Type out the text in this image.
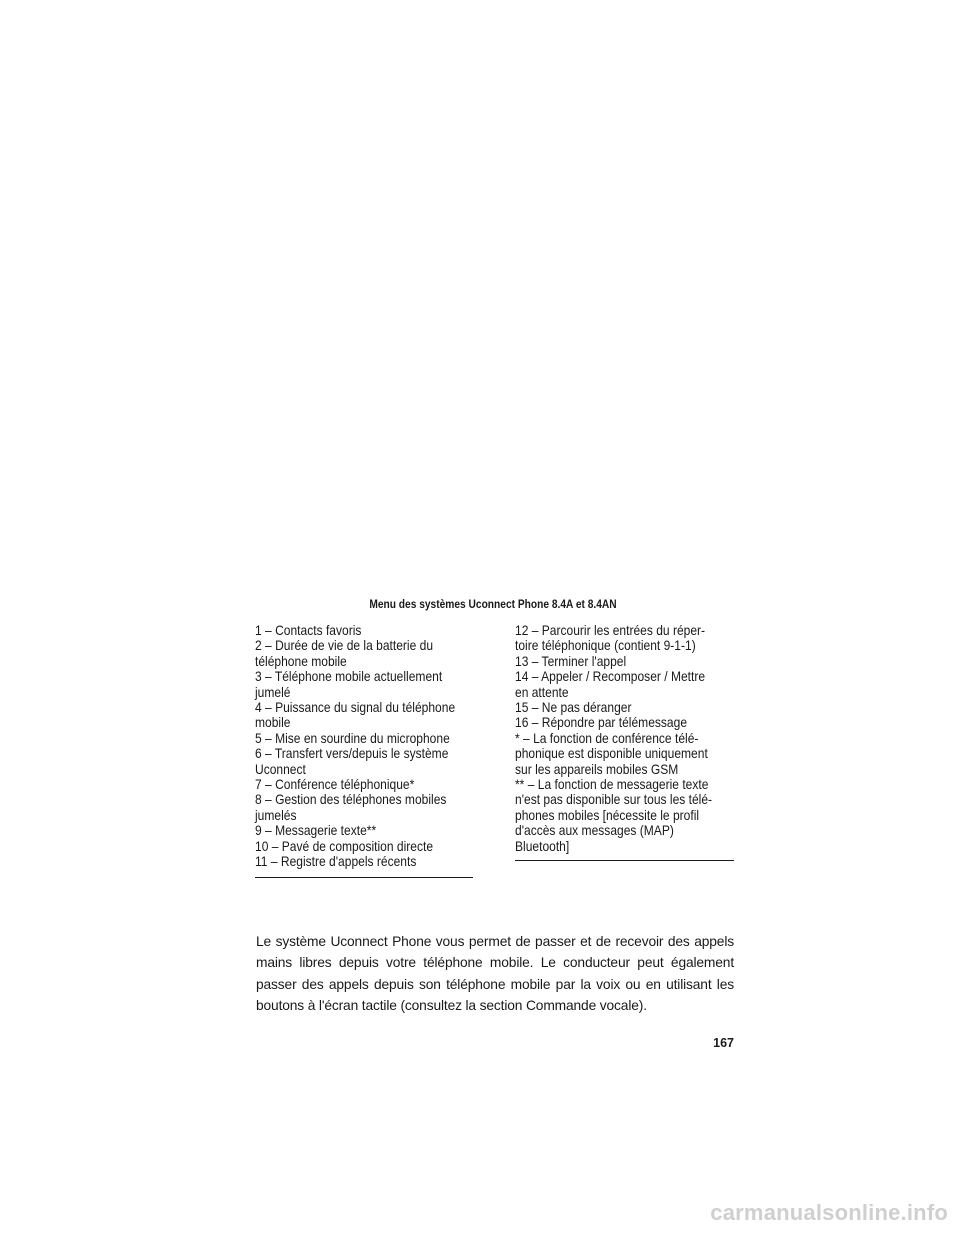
Menu des systèmes Uconnect Phone 8.4A et 8.4AN
1 – Contacts favoris
2 – Durée de vie de la batterie du
téléphone mobile
3 – Téléphone mobile actuellement
jumelé
4 – Puissance du signal du téléphone
mobile
5 – Mise en sourdine du microphone
6 – Transfert vers/depuis le système
Uconnect
7 – Conférence téléphonique*
8 – Gestion des téléphones mobiles
jumelés
9 – Messagerie texte**
10 – Pavé de composition directe
11 – Registre d'appels récents
12 – Parcourir les entrées du réper-
toire téléphonique (contient 9-1-1)
13 – Terminer l'appel
14 – Appeler / Recomposer / Mettre
en attente
15 – Ne pas déranger
16 – Répondre par télémessage
* – La fonction de conférence télé-
phonique est disponible uniquement
sur les appareils mobiles GSM
** – La fonction de messagerie texte
n'est pas disponible sur tous les télé-
phones mobiles [nécessite le profil
d'accès aux messages (MAP)
Bluetooth]

Le système Uconnect Phone vous permet de passer et de recevoir des appels mains libres depuis votre téléphone mobile. Le conducteur peut également passer des appels depuis son téléphone mobile par la voix ou en utilisant les boutons à l'écran tactile (consultez la section Commande vocale).

167
carmanualsonline.info
